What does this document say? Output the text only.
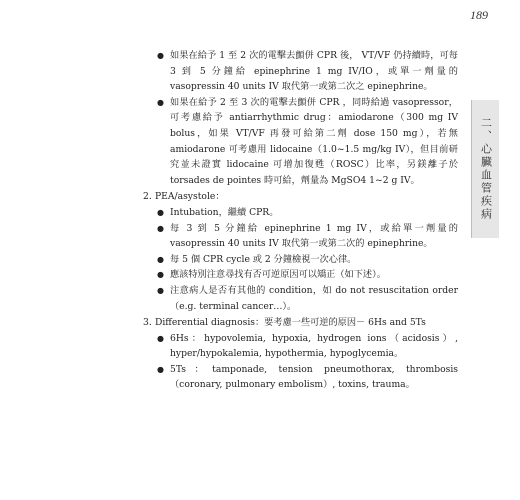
189
二、心臟血管疾病
● 如果在給予 1 至 2 次的電擊去顫併 CPR 後， VT/VF 仍持續時，可每 3 到 5 分鐘給 epinephrine 1 mg IV/IO，或單一劑量的 vasopressin 40 units IV 取代第一或第二次之 epinephrine。
● 如果在給予 2 至 3 次的電擊去顫併 CPR ，同時給過 vasopressor，可考慮給予 antiarrhythmic drug：amiodarone（300 mg IV bolus，如果 VT/VF 再發可給第二劑 dose 150 mg），若無 amiodarone 可考慮用 lidocaine（1.0~1.5 mg/kg IV），但目前研究並未證實 lidocaine 可增加復甦（ROSC）比率，另鎂離子於 torsades de pointes 時可給，劑量為 MgSO4 1~2 g IV。
2. PEA/asystole：
● Intubation，繼續 CPR。
● 每 3 到 5 分鐘給 epinephrine 1 mg IV，或給單一劑量的 vasopressin 40 units IV 取代第一或第二次的 epinephrine。
● 每 5 個 CPR cycle 或 2 分鐘檢視一次心律。
● 應該特別注意尋找有否可逆原因可以矯正（如下述）。
● 注意病人是否有其他的 condition，如 do not resuscitation order（e.g. terminal cancer…）。
3. Differential diagnosis：要考慮一些可逆的原因－ 6Hs and 5Ts
● 6Hs：hypovolemia, hypoxia, hydrogen ions（acidosis）, hyper/hypokalemia, hypothermia, hypoglycemia。
● 5Ts：tamponade, tension pneumothorax, thrombosis（coronary, pulmonary embolism）, toxins, trauma。
